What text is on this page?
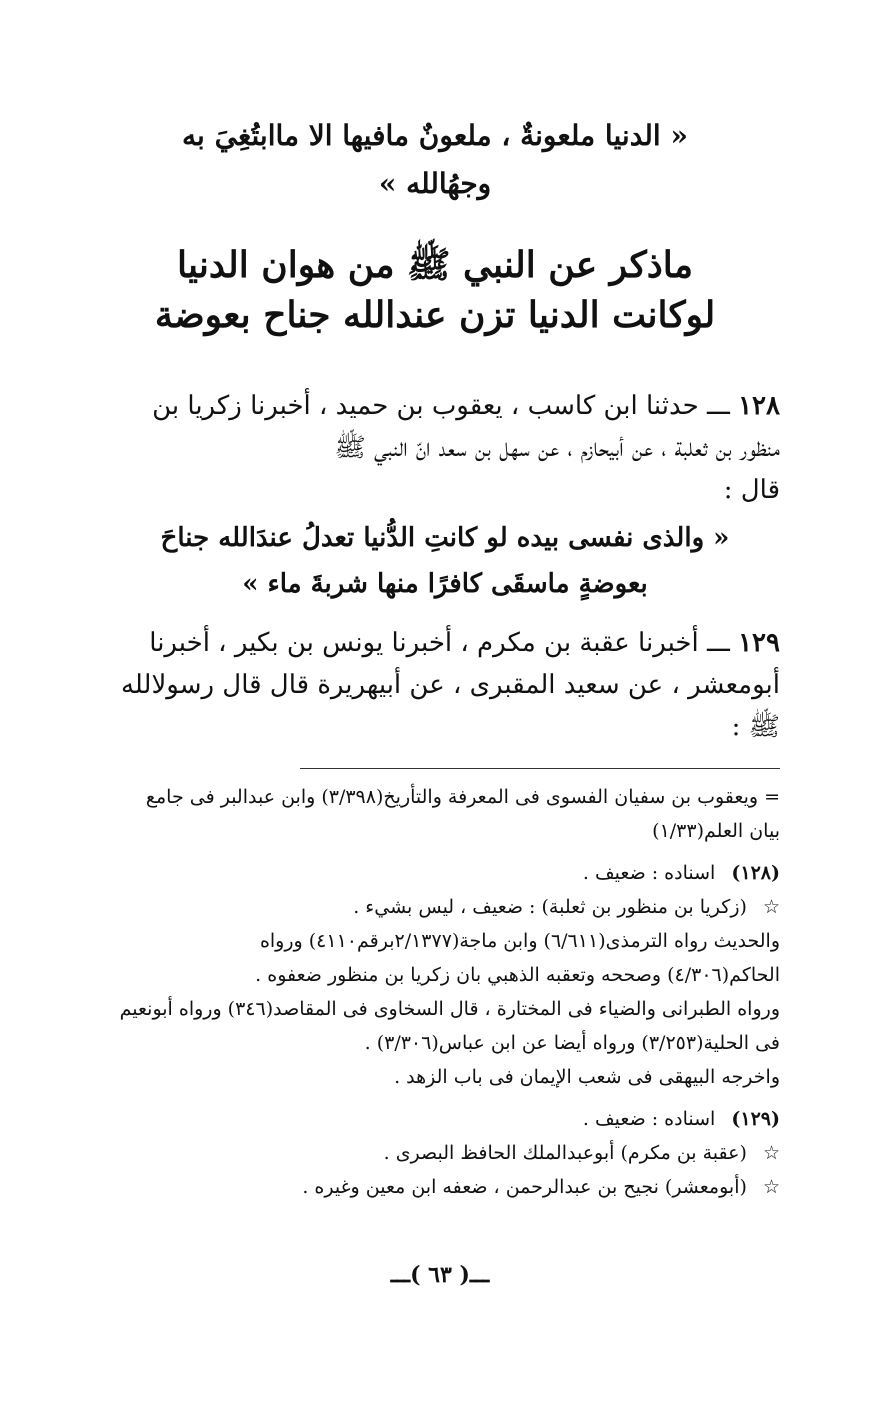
« الدنيا ملعونةٌ ، ملعونٌ مافيها الا ماابتُغِيَ به
وجهُالله »
ماذكر عن النبي ﷺ من هوان الدنيا
لوكانت الدنيا تزن عندالله جناح بعوضة
١٢٨ ـــ حدثنا ابن كاسب ، يعقوب بن حميد ، أخبرنا زكريا بن
منظور بن ثعلبة ، عن أبيحازم ، عن سهل بن سعد انّ النبي ﷺ
قال :
« والذى نفسى بيده لو كانتِ الدُّنيا تعدلُ عندَالله جناحَ
بعوضةٍ ماسقَى كافرًا منها شربةَ ماء »
١٢٩ ـــ أخبرنا عقبة بن مكرم ، أخبرنا يونس بن بكير ، أخبرنا
أبومعشر ، عن سعيد المقبرى ، عن أبيهريرة قال قال رسولالله
ﷺ :
= ويعقوب بن سفيان الفسوى فى المعرفة والتأريخ(٣/٣٩٨) وابن عبدالبر فى جامع
بيان العلم(١/٣٣)
(١٢٨) اسناده : ضعيف .
☆ (زكريا بن منظور بن ثعلبة) : ضعيف ، ليس بشيء .
والحديث رواه الترمذى(٦/٦١١) وابن ماجة(٢/١٣٧٧برقم٤١١٠) ورواه
الحاكم(٤/٣٠٦) وصححه وتعقبه الذهبي بان زكريا بن منظور ضعفوه .
ورواه الطبرانى والضياء فى المختارة ، قال السخاوى فى المقاصد(٣٤٦) ورواه أبونعيم
فى الحلية(٣/٢٥٣) ورواه أيضا عن ابن عباس(٣/٣٠٦) .
واخرجه البيهقى فى شعب الإيمان فى باب الزهد .
(١٢٩) اسناده : ضعيف .
☆ (عقبة بن مكرم) أبوعبدالملك الحافظ البصرى .
☆ (أبومعشر) نجيح بن عبدالرحمن ، ضعفه ابن معين وغيره .
ـــ( ٦٣ )ـــ
